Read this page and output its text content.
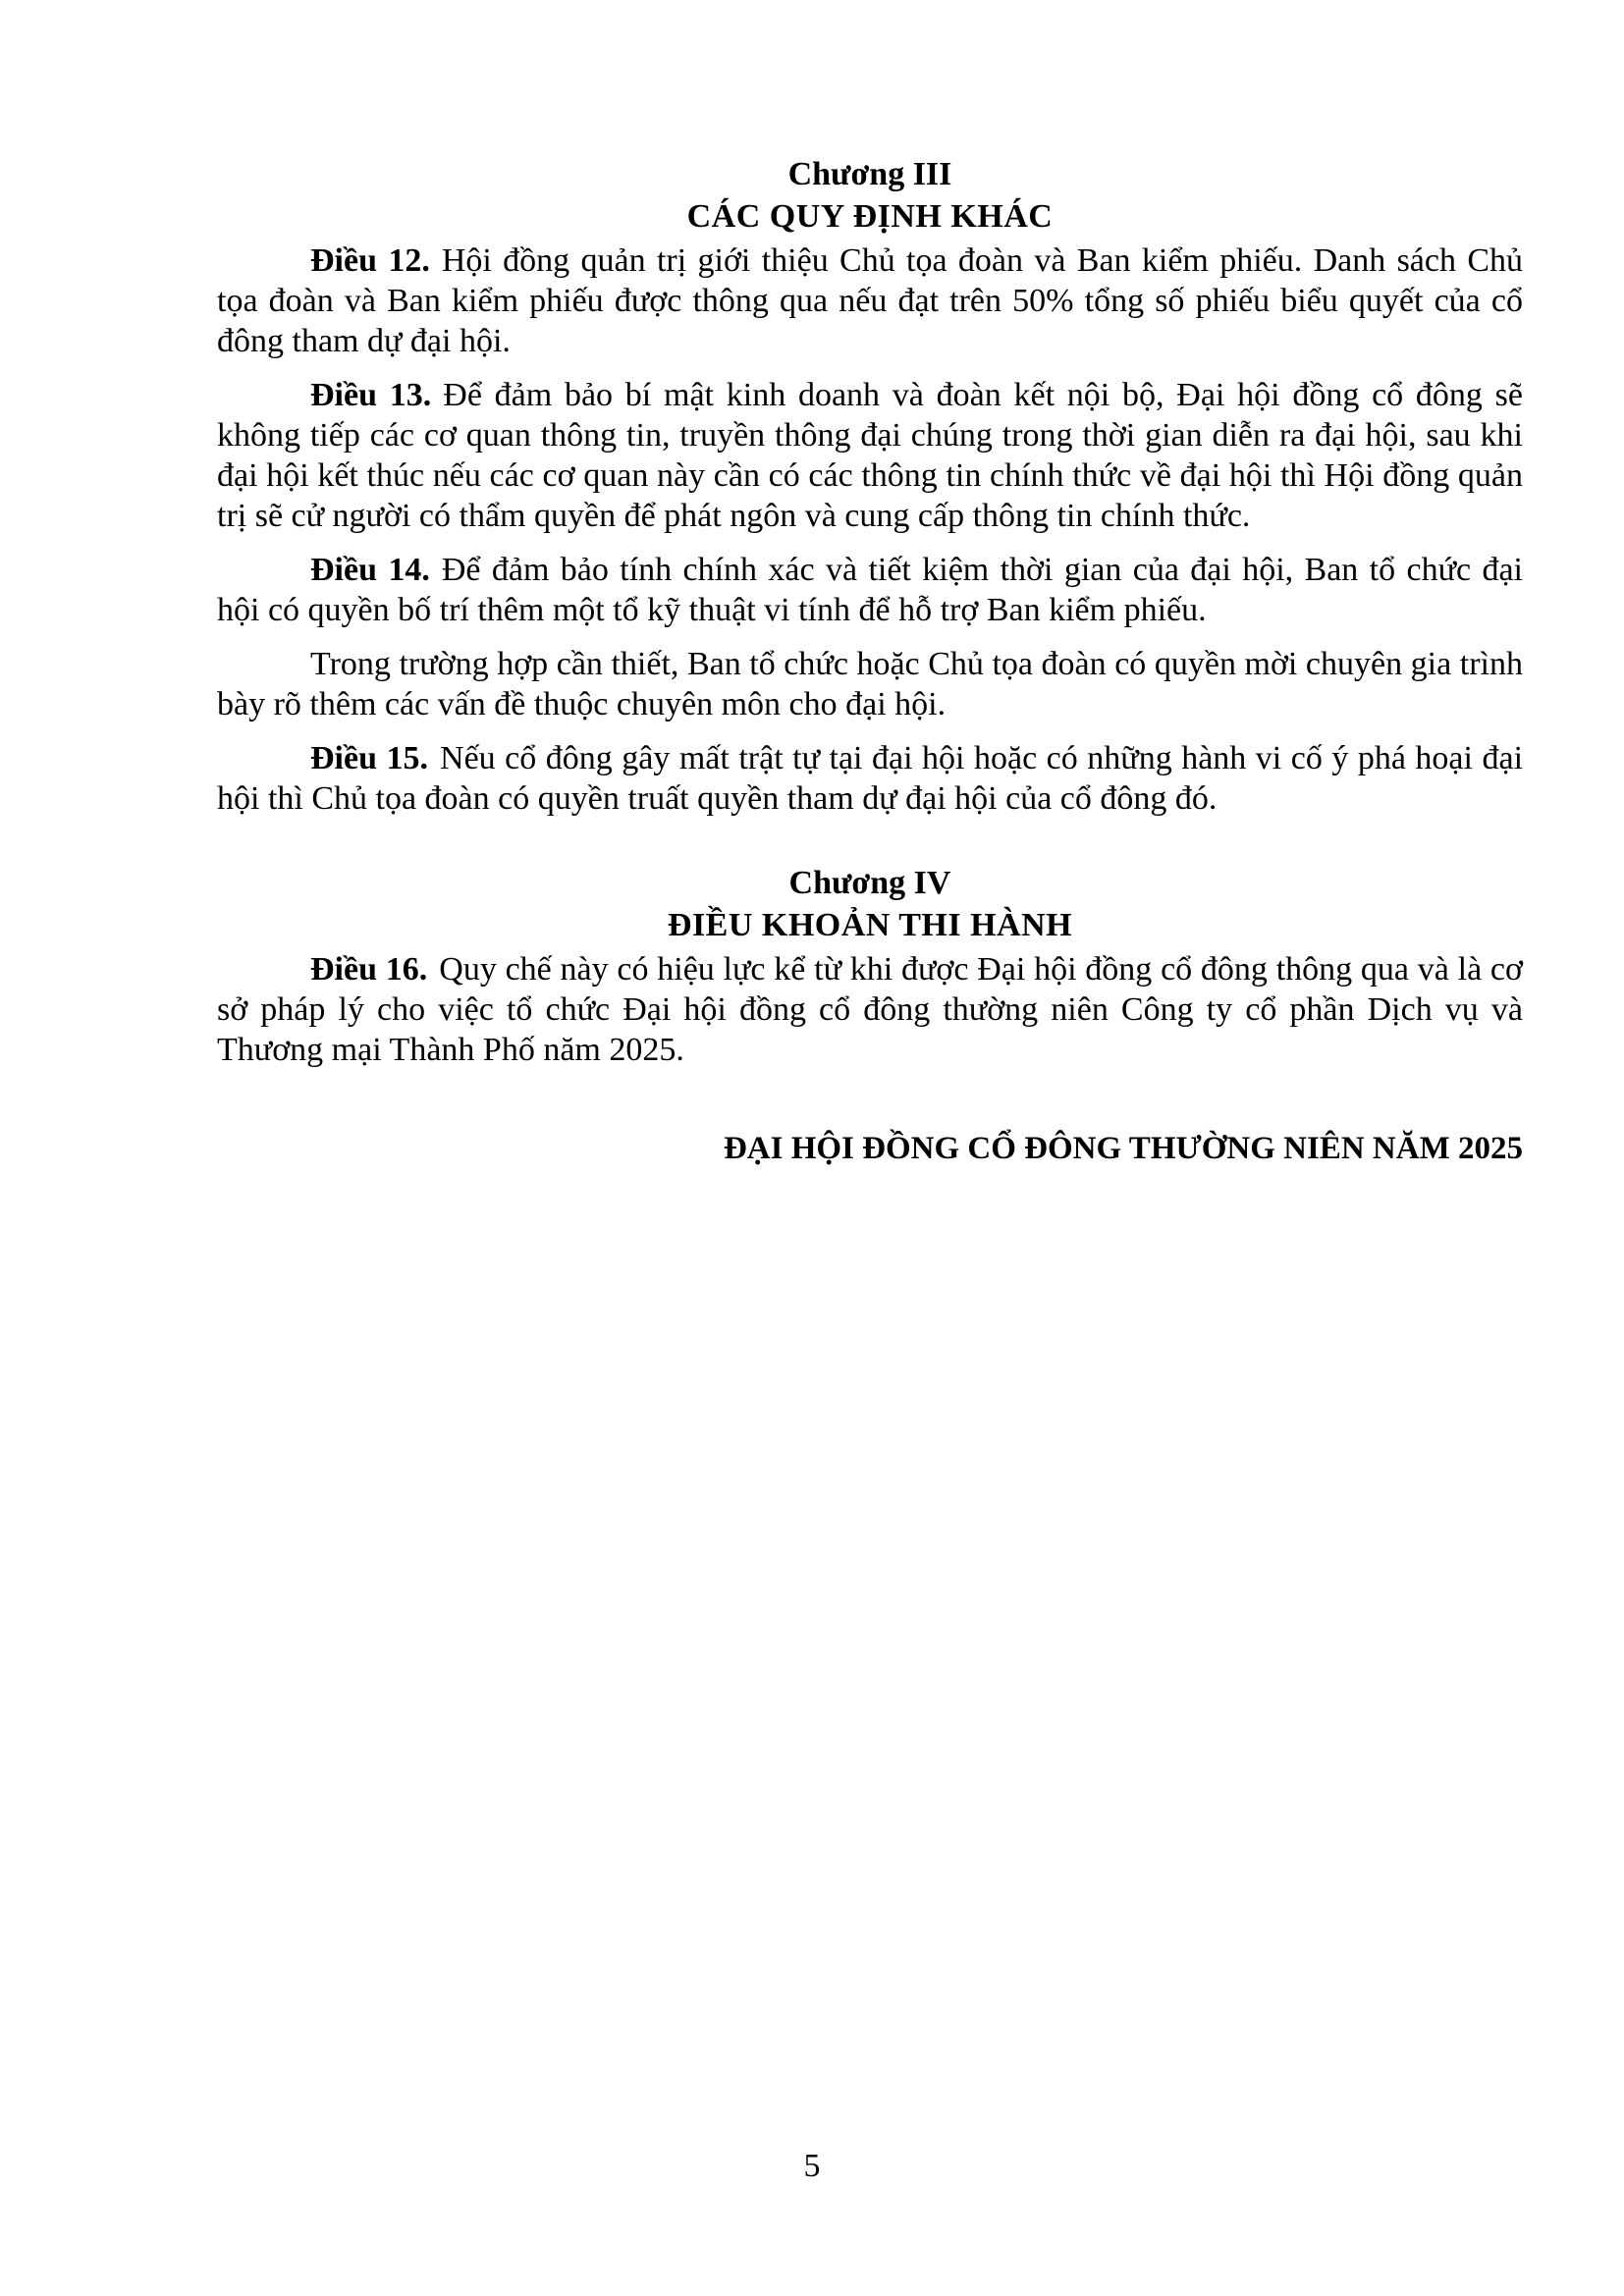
Chương III
CÁC QUY ĐỊNH KHÁC

Điều 12. Hội đồng quản trị giới thiệu Chủ tọa đoàn và Ban kiểm phiếu. Danh sách Chủ tọa đoàn và Ban kiểm phiếu được thông qua nếu đạt trên 50% tổng số phiếu biểu quyết của cổ đông tham dự đại hội.

Điều 13. Để đảm bảo bí mật kinh doanh và đoàn kết nội bộ, Đại hội đồng cổ đông sẽ không tiếp các cơ quan thông tin, truyền thông đại chúng trong thời gian diễn ra đại hội, sau khi đại hội kết thúc nếu các cơ quan này cần có các thông tin chính thức về đại hội thì Hội đồng quản trị sẽ cử người có thẩm quyền để phát ngôn và cung cấp thông tin chính thức.

Điều 14. Để đảm bảo tính chính xác và tiết kiệm thời gian của đại hội, Ban tổ chức đại hội có quyền bố trí thêm một tổ kỹ thuật vi tính để hỗ trợ Ban kiểm phiếu.

Trong trường hợp cần thiết, Ban tổ chức hoặc Chủ tọa đoàn có quyền mời chuyên gia trình bày rõ thêm các vấn đề thuộc chuyên môn cho đại hội.

Điều 15. Nếu cổ đông gây mất trật tự tại đại hội hoặc có những hành vi cố ý phá hoại đại hội thì Chủ tọa đoàn có quyền truất quyền tham dự đại hội của cổ đông đó.

Chương IV
ĐIỀU KHOẢN THI HÀNH

Điều 16. Quy chế này có hiệu lực kể từ khi được Đại hội đồng cổ đông thông qua và là cơ sở pháp lý cho việc tổ chức Đại hội đồng cổ đông thường niên Công ty cổ phần Dịch vụ và Thương mại Thành Phố năm 2025.

ĐẠI HỘI ĐỒNG CỔ ĐÔNG THƯỜNG NIÊN NĂM 2025
5
